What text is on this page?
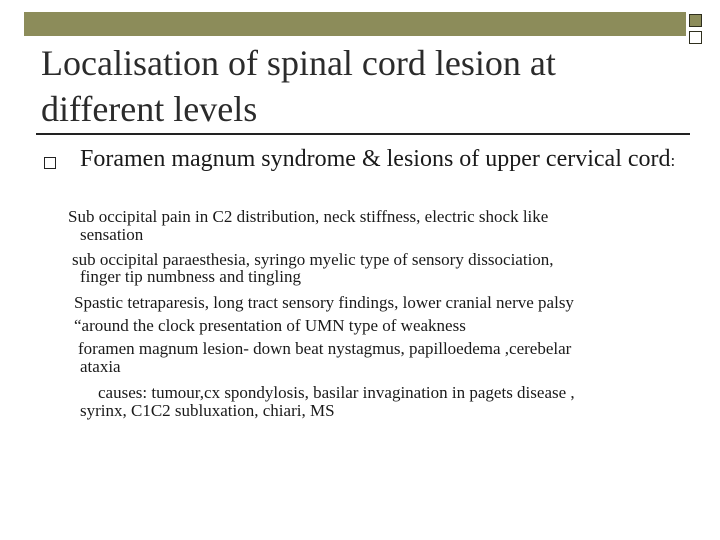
Localisation of spinal cord lesion at different levels
Foramen magnum syndrome & lesions of upper cervical cord:
Sub occipital pain in C2 distribution, neck stiffness, electric shock like
sensation
sub occipital paraesthesia, syringo myelic type of sensory dissociation,
finger tip numbness and tingling
Spastic tetraparesis, long tract sensory findings, lower cranial nerve palsy
“around the clock presentation of UMN type of weakness
foramen magnum lesion- down beat nystagmus, papilloedema ,cerebelar
ataxia
causes: tumour,cx spondylosis, basilar invagination in pagets disease ,
syrinx, C1C2 subluxation, chiari, MS
